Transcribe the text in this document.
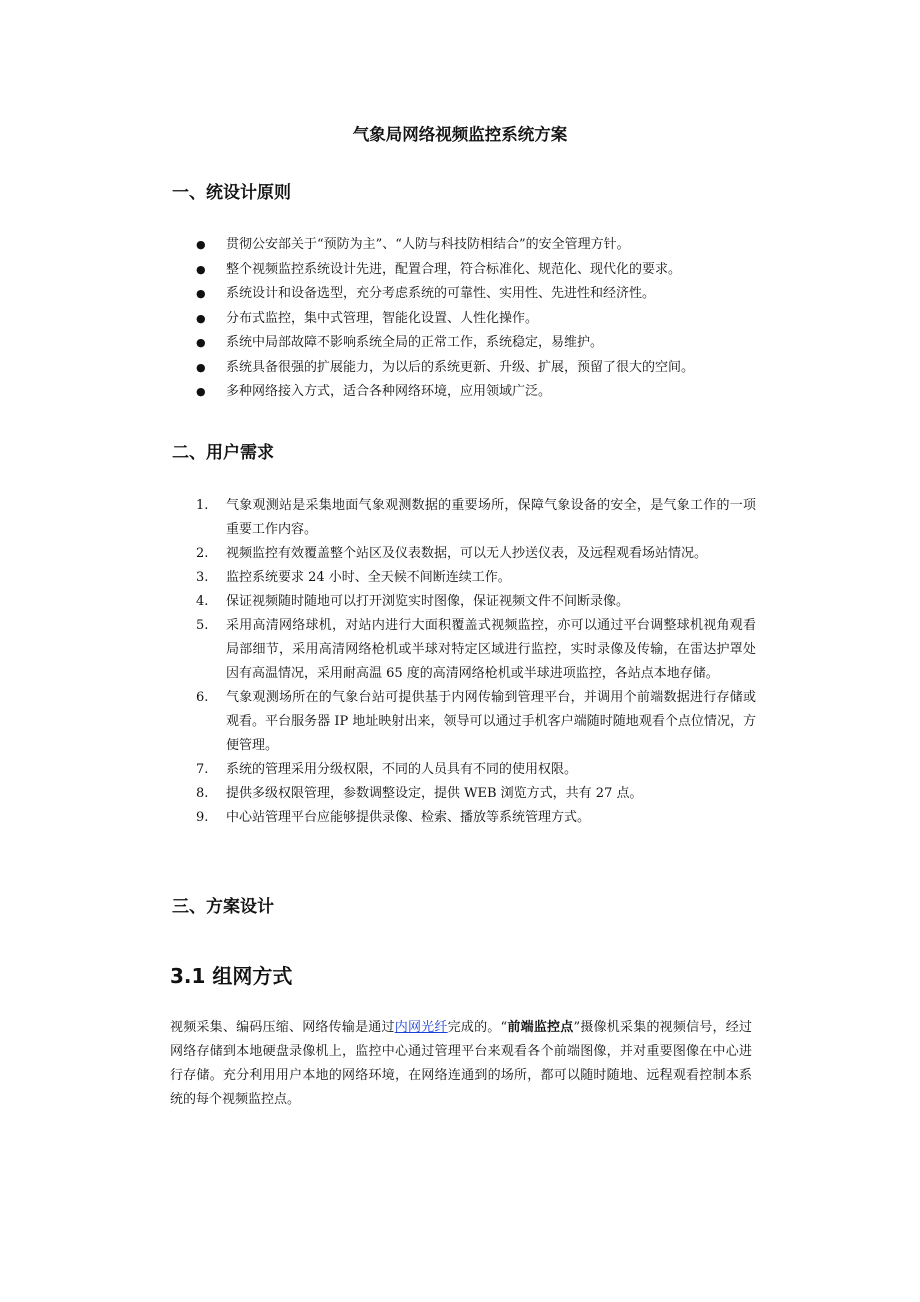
气象局网络视频监控系统方案
一、统设计原则
●	贯彻公安部关于“预防为主”、“人防与科技防相结合”的安全管理方针。
●	整个视频监控系统设计先进，配置合理，符合标准化、规范化、现代化的要求。
●	系统设计和设备选型，充分考虑系统的可靠性、实用性、先进性和经济性。
●	分布式监控，集中式管理，智能化设置、人性化操作。
●	系统中局部故障不影响系统全局的正常工作，系统稳定，易维护。
●	系统具备很强的扩展能力，为以后的系统更新、升级、扩展，预留了很大的空间。
●	多种网络接入方式，适合各种网络环境，应用领域广泛。
二、用户需求
1.	气象观测站是采集地面气象观测数据的重要场所，保障气象设备的安全，是气象工作的一项重要工作内容。
2.	视频监控有效覆盖整个站区及仪表数据，可以无人抄送仪表，及远程观看场站情况。
3.	监控系统要求 24 小时、全天候不间断连续工作。
4.	保证视频随时随地可以打开浏览实时图像，保证视频文件不间断录像。
5.	采用高清网络球机，对站内进行大面积覆盖式视频监控，亦可以通过平台调整球机视角观看局部细节，采用高清网络枪机或半球对特定区域进行监控，实时录像及传输，在雷达护罩处因有高温情况，采用耐高温 65 度的高清网络枪机或半球进项监控，各站点本地存储。
6.	气象观测场所在的气象台站可提供基于内网传输到管理平台，并调用个前端数据进行存储或观看。平台服务器 IP 地址映射出来，领导可以通过手机客户端随时随地观看个点位情况，方便管理。
7.	系统的管理采用分级权限，不同的人员具有不同的使用权限。
8.	提供多级权限管理，参数调整设定，提供 WEB 浏览方式，共有 27 点。
9.	中心站管理平台应能够提供录像、检索、播放等系统管理方式。
三、方案设计
3.1 组网方式
视频采集、编码压缩、网络传输是通过内网光纤完成的。“前端监控点”摄像机采集的视频信号，经过网络存储到本地硬盘录像机上，监控中心通过管理平台来观看各个前端图像，并对重要图像在中心进行存储。充分利用用户本地的网络环境，在网络连通到的场所，都可以随时随地、远程观看控制本系统的每个视频监控点。
